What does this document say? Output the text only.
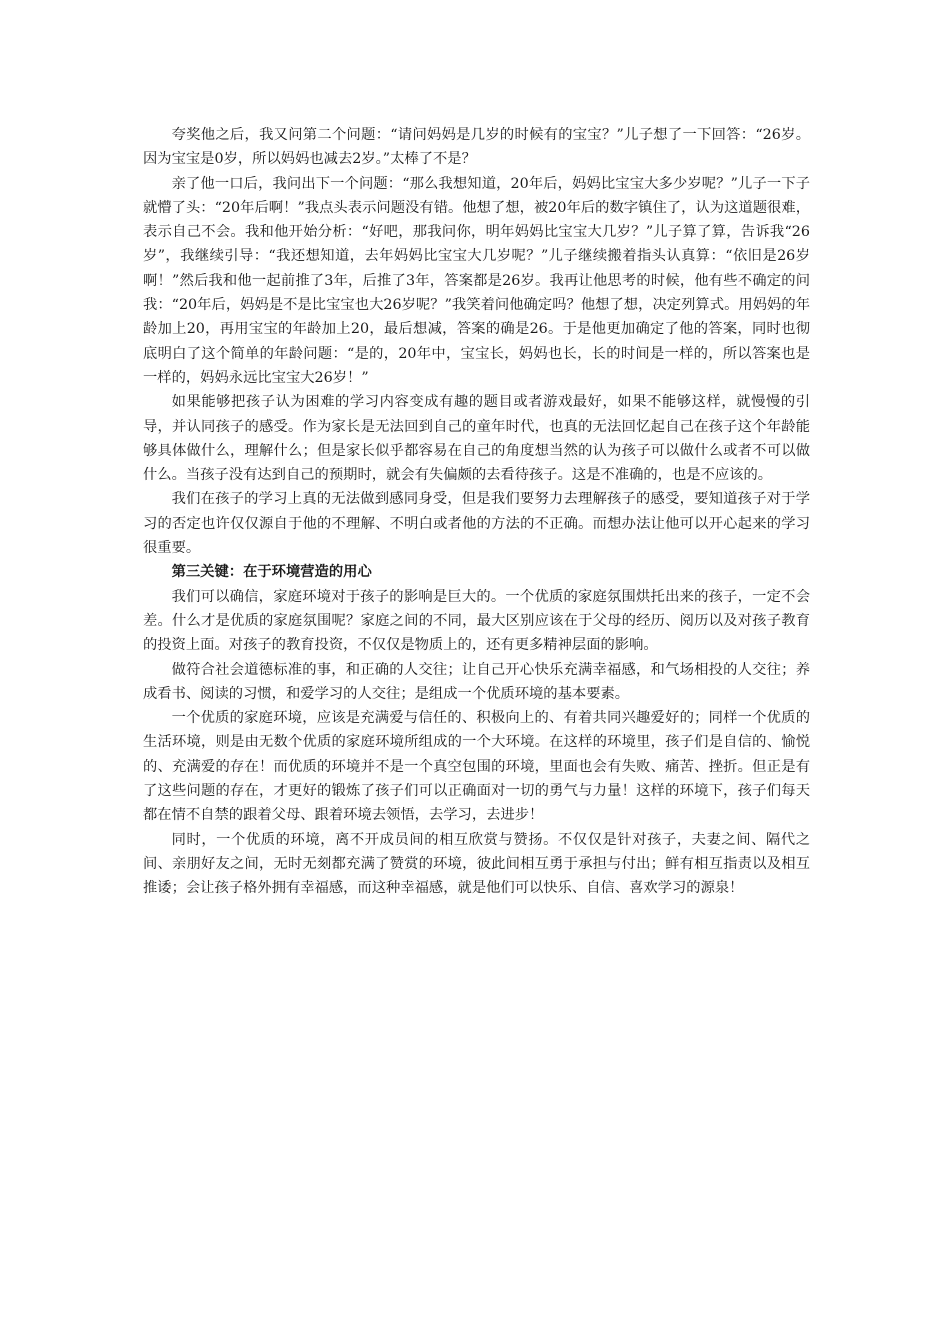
夸奖他之后，我又问第二个问题：“请问妈妈是几岁的时候有的宝宝？”儿子想了一下回答：“26岁。因为宝宝是0岁，所以妈妈也减去2岁。”太棒了不是？

亲了他一口后，我问出下一个问题：“那么我想知道，20年后，妈妈比宝宝大多少岁呢？”儿子一下子就懵了头：“20年后啊！”我点头表示问题没有错。他想了想，被20年后的数字镇住了，认为这道题很难，表示自己不会。我和他开始分析：“好吧，那我问你，明年妈妈比宝宝大几岁？”儿子算了算，告诉我“26岁”，我继续引导：“我还想知道，去年妈妈比宝宝大几岁呢？”儿子继续搬着指头认真算：“依旧是26岁啊！”然后我和他一起前推了3年，后推了3年，答案都是26岁。我再让他思考的时候，他有些不确定的问我：“20年后，妈妈是不是比宝宝也大26岁呢？”我笑着问他确定吗？他想了想，决定列算式。用妈妈的年龄加上20，再用宝宝的年龄加上20，最后想减，答案的确是26。于是他更加确定了他的答案，同时也彻底明白了这个简单的年龄问题：“是的，20年中，宝宝长，妈妈也长，长的时间是一样的，所以答案也是一样的，妈妈永远比宝宝大26岁！”

如果能够把孩子认为困难的学习内容变成有趣的题目或者游戏最好，如果不能够这样，就慢慢的引导，并认同孩子的感受。作为家长是无法回到自己的童年时代，也真的无法回忆起自己在孩子这个年龄能够具体做什么，理解什么；但是家长似乎都容易在自己的角度想当然的认为孩子可以做什么或者不可以做什么。当孩子没有达到自己的预期时，就会有失偏颇的去看待孩子。这是不准确的，也是不应该的。

我们在孩子的学习上真的无法做到感同身受，但是我们要努力去理解孩子的感受，要知道孩子对于学习的否定也许仅仅源自于他的不理解、不明白或者他的方法的不正确。而想办法让他可以开心起来的学习很重要。

第三关键：在于环境营造的用心

我们可以确信，家庭环境对于孩子的影响是巨大的。一个优质的家庭氛围烘托出来的孩子，一定不会差。什么才是优质的家庭氛围呢？家庭之间的不同，最大区别应该在于父母的经历、阅历以及对孩子教育的投资上面。对孩子的教育投资，不仅仅是物质上的，还有更多精神层面的影响。

做符合社会道德标准的事，和正确的人交往；让自己开心快乐充满幸福感，和气场相投的人交往；养成看书、阅读的习惯，和爱学习的人交往；是组成一个优质环境的基本要素。

一个优质的家庭环境，应该是充满爱与信任的、积极向上的、有着共同兴趣爱好的；同样一个优质的生活环境，则是由无数个优质的家庭环境所组成的一个大环境。在这样的环境里，孩子们是自信的、愉悦的、充满爱的存在！而优质的环境并不是一个真空包围的环境，里面也会有失败、痛苦、挫折。但正是有了这些问题的存在，才更好的锻炼了孩子们可以正确面对一切的勇气与力量！这样的环境下，孩子们每天都在情不自禁的跟着父母、跟着环境去领悟，去学习，去进步！

同时，一个优质的环境，离不开成员间的相互欣赏与赞扬。不仅仅是针对孩子，夫妻之间、隔代之间、亲朋好友之间，无时无刻都充满了赞赏的环境，彼此间相互勇于承担与付出；鲜有相互指责以及相互推诿；会让孩子格外拥有幸福感，而这种幸福感，就是他们可以快乐、自信、喜欢学习的源泉！
